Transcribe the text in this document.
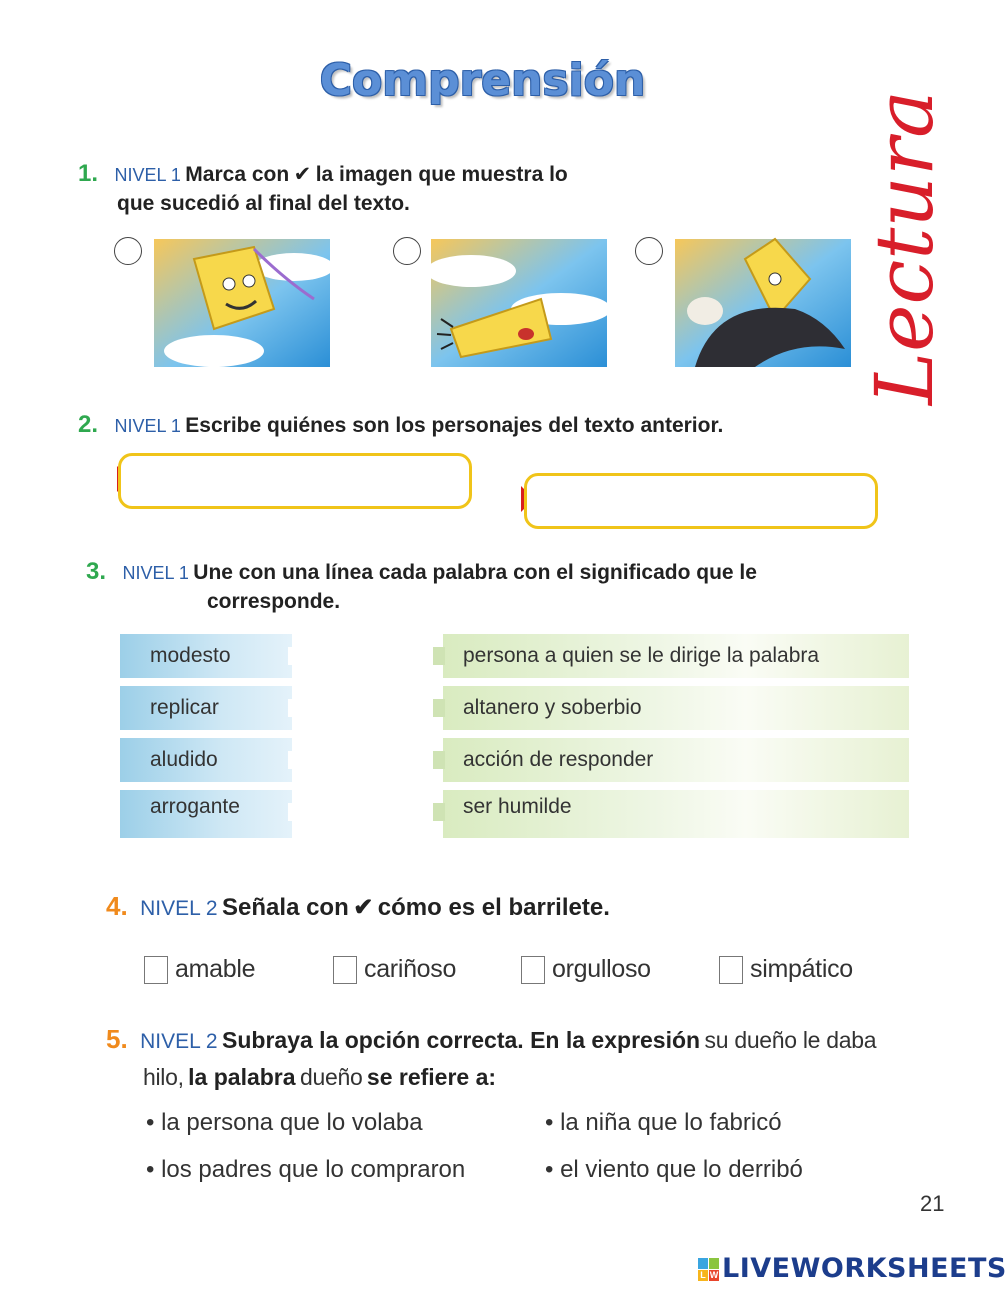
Comprensión
Lectura
1. NIVEL 1 Marca con ✔ la imagen que muestra lo
que sucedió al final del texto.
2. NIVEL 1 Escribe quiénes son los personajes del texto anterior.
3. NIVEL 1 Une con una línea cada palabra con el significado que le
corresponde.
modesto
replicar
aludido
arrogante
persona a quien se le dirige la palabra
altanero y soberbio
acción de responder
ser humilde
4. NIVEL 2 Señala con ✔ cómo es el barrilete.
amable	cariñoso	orgulloso	simpático
5. NIVEL 2 Subraya la opción correcta. En la expresión su dueño le daba
hilo, la palabra dueño se refiere a:
• la persona que lo volaba	• la niña que lo fabricó
• los padres que lo compraron	• el viento que lo derribó
21
L W LIVEWORKSHEETS
